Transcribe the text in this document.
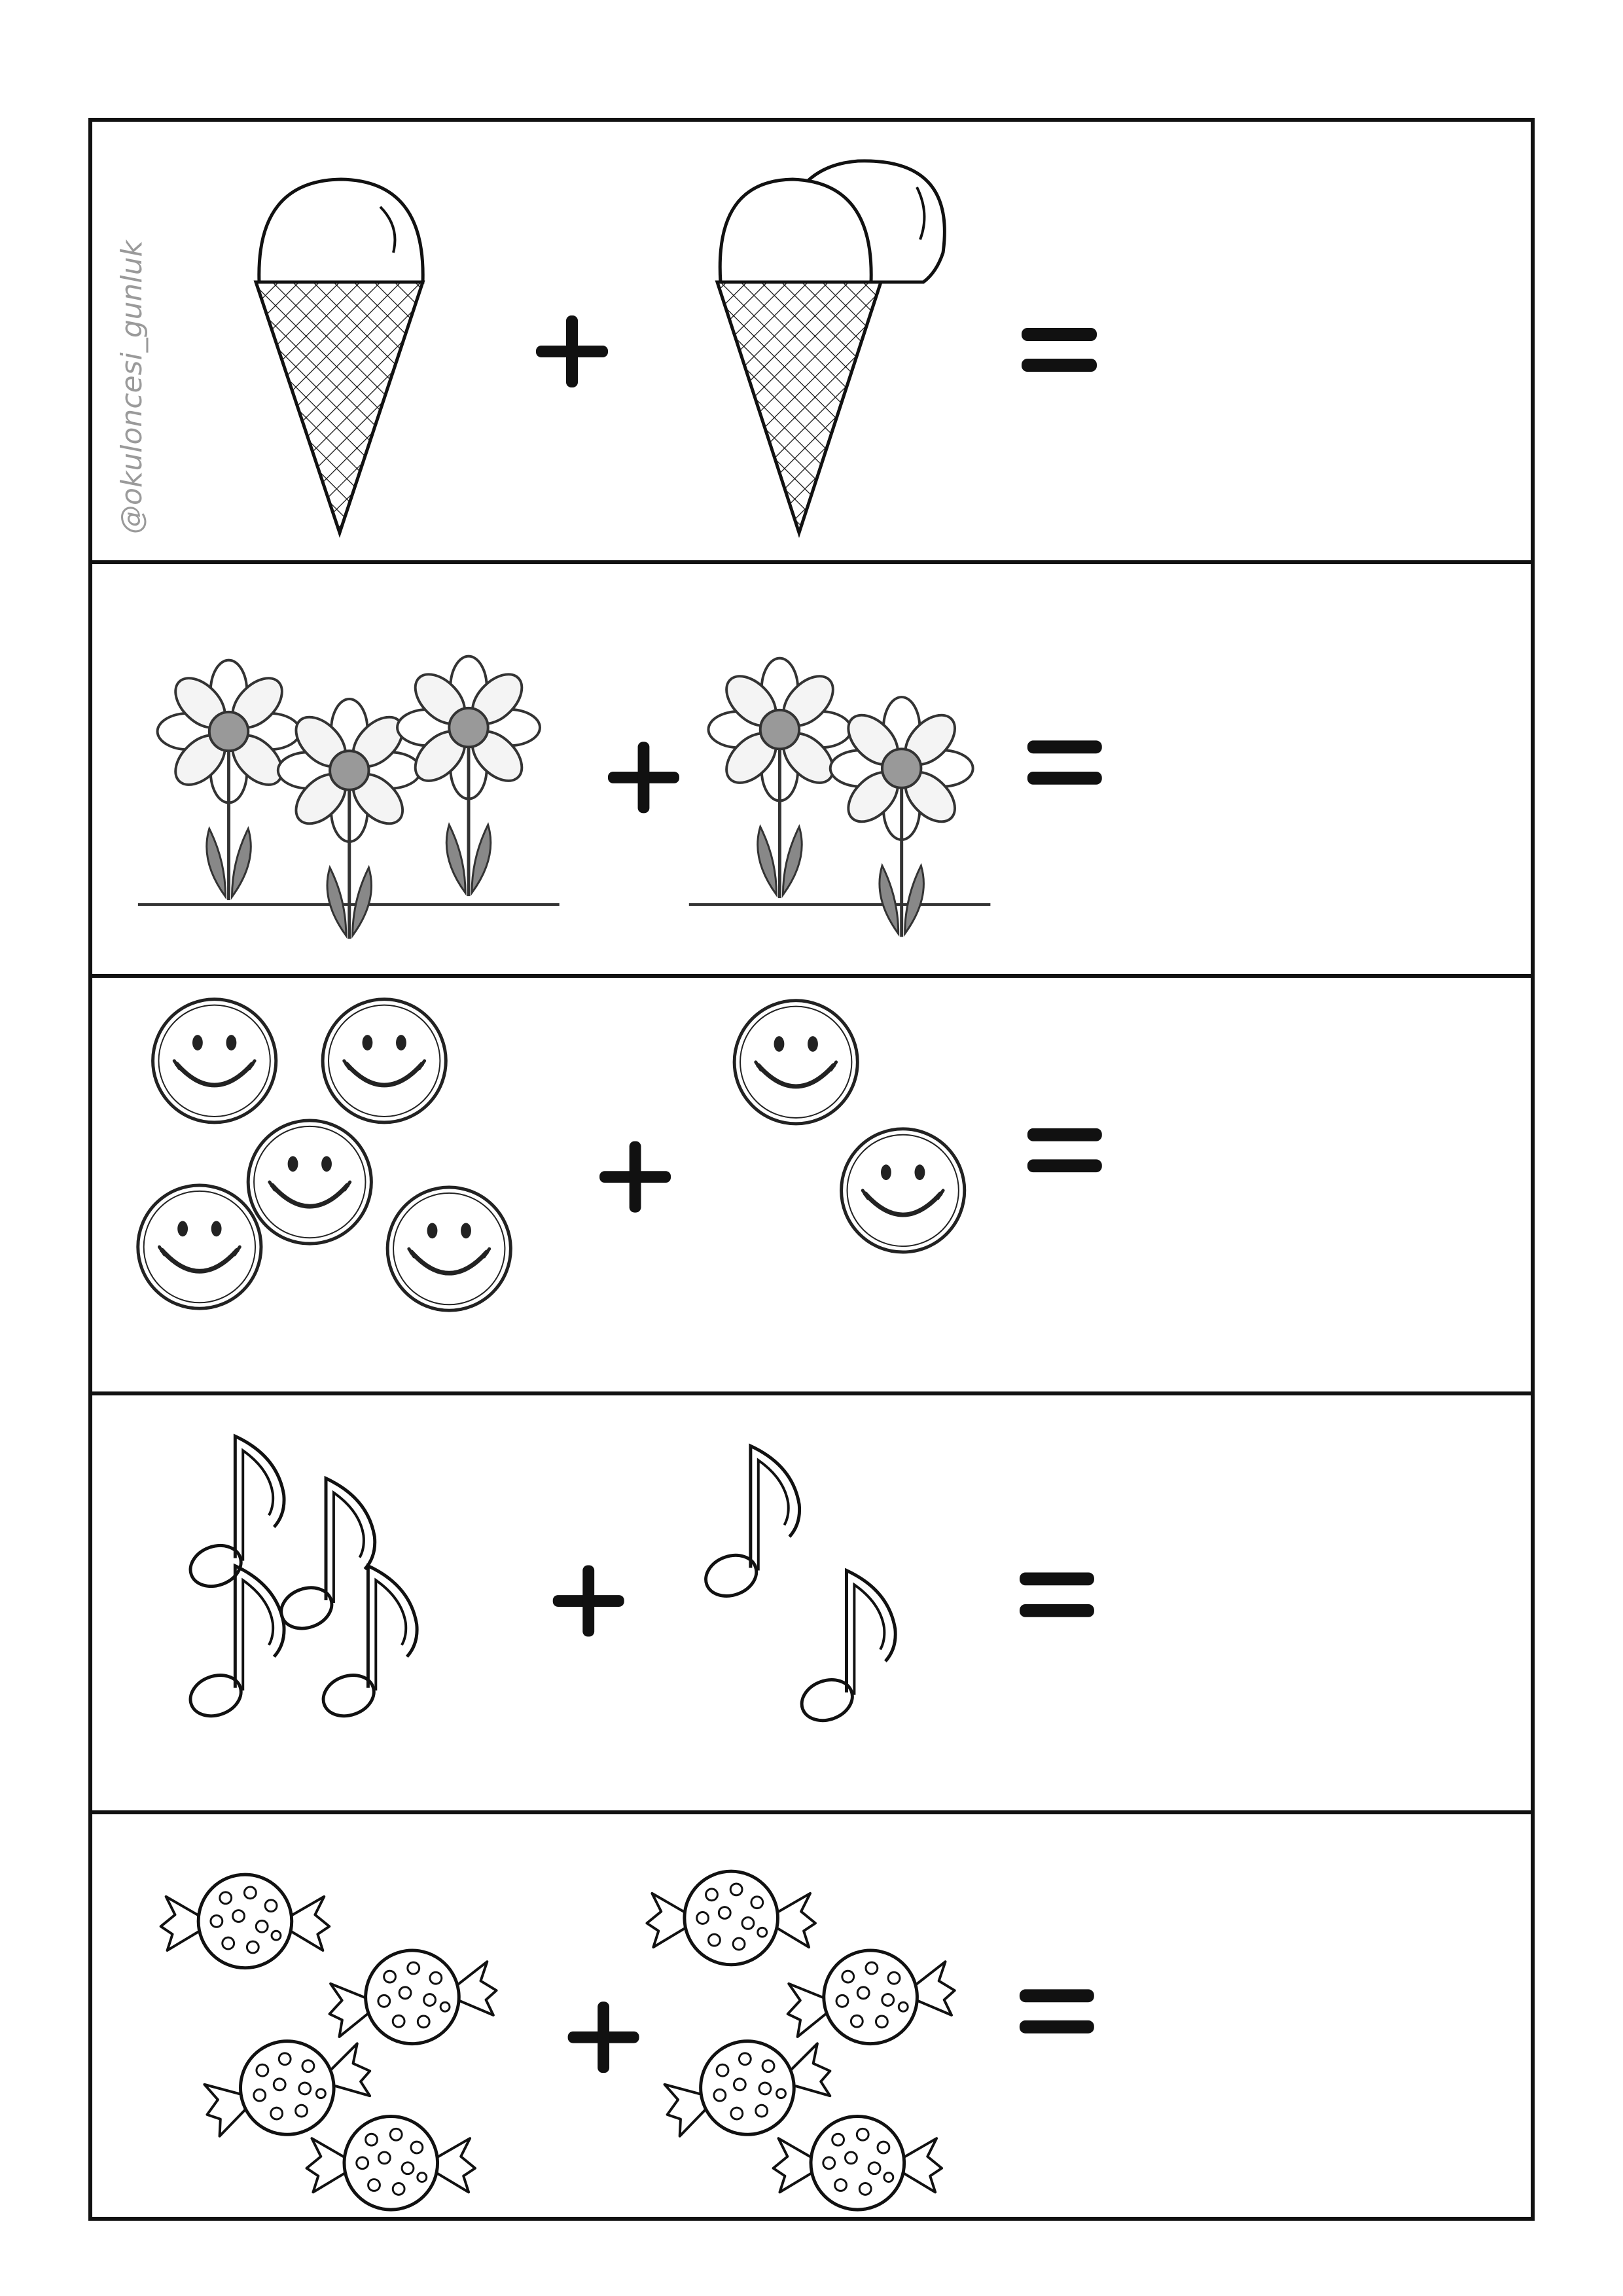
@okuloncesi_gunluk
